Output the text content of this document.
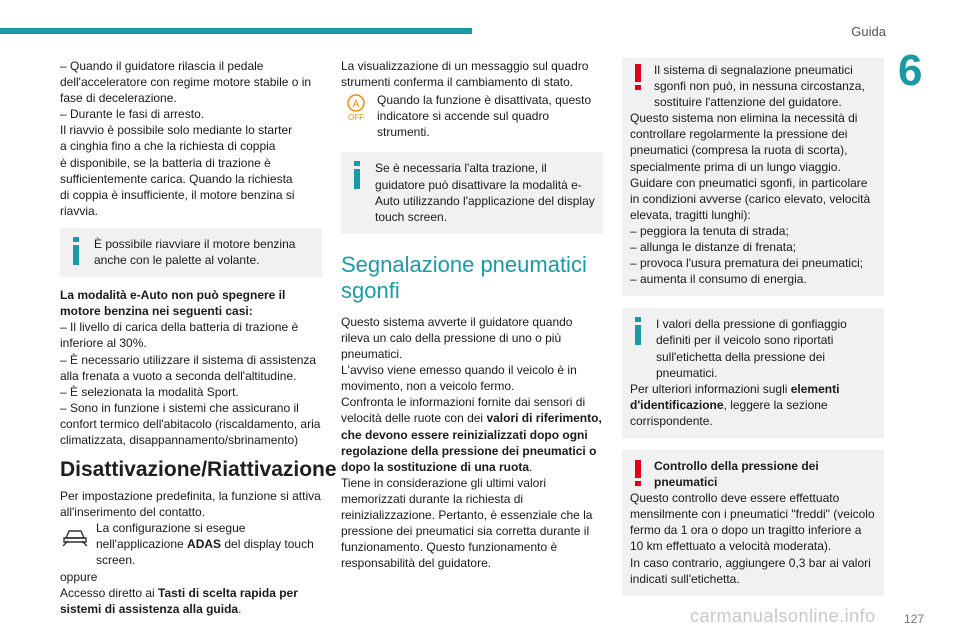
Guida
6

– Quando il guidatore rilascia il pedale

dell'acceleratore con regime motore stabile o in

fase di decelerazione.

– Durante le fasi di arresto.

Il riavvio è possibile solo mediante lo starter

a cinghia fino a che la richiesta di coppia

è disponibile, se la batteria di trazione è

sufficientemente carica. Quando la richiesta

di coppia è insufficiente, il motore benzina si

riavvia.

È possibile riavviare il motore benzina anche con le palette al volante.

La modalità e-Auto non può spegnere il motore benzina nei seguenti casi:

– Il livello di carica della batteria di trazione è

inferiore al 30%.

– È necessario utilizzare il sistema di assistenza

alla frenata a vuoto a seconda dell'altitudine.

– È selezionata la modalità Sport.

– Sono in funzione i sistemi che assicurano il

confort termico dell'abitacolo (riscaldamento, aria

climatizzata, disappannamento/sbrinamento)

Disattivazione/Riattivazione

Per impostazione predefinita, la funzione si attiva all'inserimento del contatto.

La configurazione si esegue nell'applicazione ADAS del display touch screen.

oppure

Accesso diretto ai Tasti di scelta rapida per sistemi di assistenza alla guida.

La visualizzazione di un messaggio sul quadro strumenti conferma il cambiamento di stato.

A
OFF

Quando la funzione è disattivata, questo indicatore si accende sul quadro strumenti.

Se è necessaria l'alta trazione, il guidatore può disattivare la modalità e-Auto utilizzando l'applicazione del display touch screen.

Segnalazione pneumatici sgonfi

Questo sistema avverte il guidatore quando rileva un calo della pressione di uno o più pneumatici.

L'avviso viene emesso quando il veicolo è in movimento, non a veicolo fermo.

Confronta le informazioni fornite dai sensori di velocità delle ruote con dei valori di riferimento, che devono essere reinizializzati dopo ogni regolazione della pressione dei pneumatici o dopo la sostituzione di una ruota.

Tiene in considerazione gli ultimi valori memorizzati durante la richiesta di reinizializzazione. Pertanto, è essenziale che la pressione dei pneumatici sia corretta durante il funzionamento. Questo funzionamento è responsabilità del guidatore.

Il sistema di segnalazione pneumatici sgonfi non può, in nessuna circostanza, sostituire l'attenzione del guidatore.

Questo sistema non elimina la necessità di controllare regolarmente la pressione dei pneumatici (compresa la ruota di scorta), specialmente prima di un lungo viaggio.

Guidare con pneumatici sgonfi, in particolare in condizioni avverse (carico elevato, velocità elevata, tragitti lunghi):

– peggiora la tenuta di strada;

– allunga le distanze di frenata;

– provoca l'usura prematura dei pneumatici;

– aumenta il consumo di energia.

I valori della pressione di gonfiaggio definiti per il veicolo sono riportati sull'etichetta della pressione dei pneumatici.

Per ulteriori informazioni sugli elementi d'identificazione, leggere la sezione corrispondente.

Controllo della pressione dei pneumatici

Questo controllo deve essere effettuato mensilmente con i pneumatici "freddi" (veicolo fermo da 1 ora o dopo un tragitto inferiore a 10 km effettuato a velocità moderata).

In caso contrario, aggiungere 0,3 bar ai valori indicati sull'etichetta.

carmanualsonline.info 127
